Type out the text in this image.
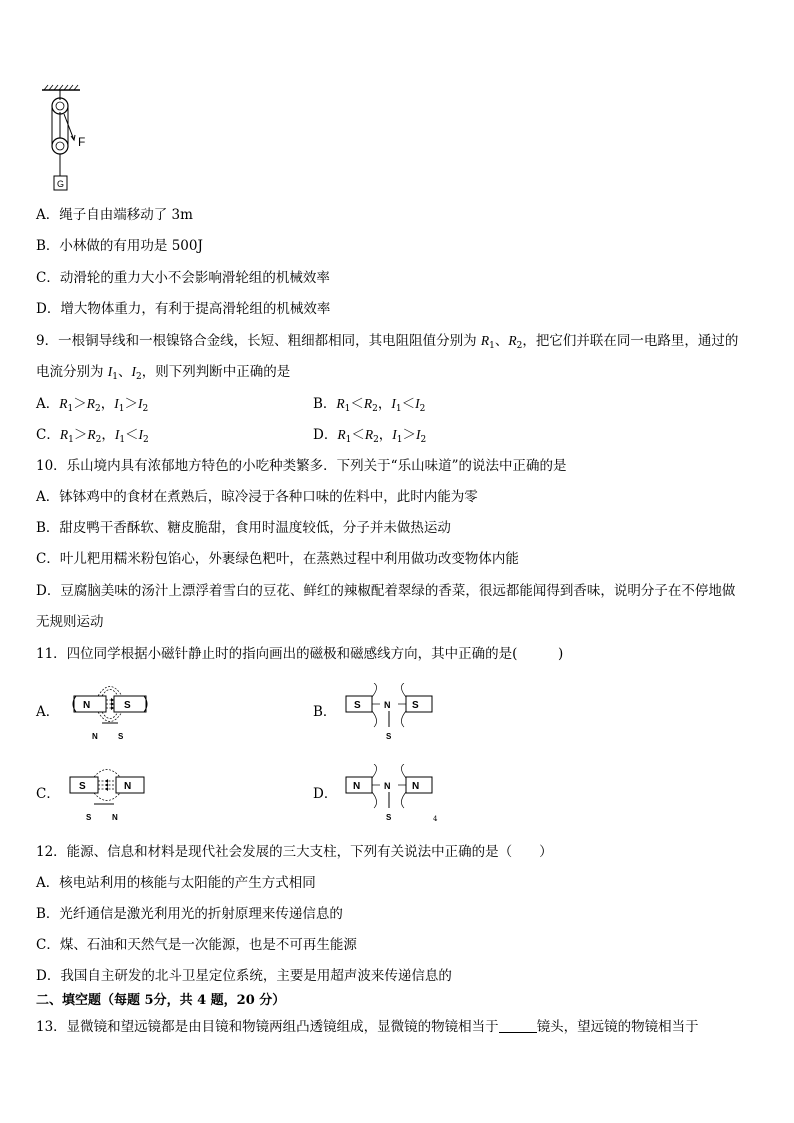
F
G
A．绳子自由端移动了 3m
B．小林做的有用功是 500J
C．动滑轮的重力大小不会影响滑轮组的机械效率
D．增大物体重力，有利于提高滑轮组的机械效率
9．一根铜导线和一根镍铬合金线，长短、粗细都相同，其电阻阻值分别为 $R_1$、$R_2$，把它们并联在同一电路里，通过的
电流分别为 $I_1$、$I_2$，则下列判断中正确的是
A．$R_1>R_2$，$I_1>I_2$	B．$R_1<R_2$，$I_1<I_2$
C．$R_1>R_2$，$I_1<I_2$	D．$R_1<R_2$，$I_1>I_2$
10．乐山境内具有浓郁地方特色的小吃种类繁多．下列关于“乐山味道”的说法中正确的是
A．钵钵鸡中的食材在煮熟后，晾冷浸于各种口味的佐料中，此时内能为零
B．甜皮鸭干香酥软、糖皮脆甜，食用时温度较低，分子并未做热运动
C．叶儿粑用糯米粉包馅心，外裹绿色粑叶，在蒸熟过程中利用做功改变物体内能
D．豆腐脑美味的汤汁上漂浮着雪白的豆花、鲜红的辣椒配着翠绿的香菜，很远都能闻得到香味，说明分子在不停地做
无规则运动
11．四位同学根据小磁针静止时的指向画出的磁极和磁感线方向，其中正确的是(　　　)
A． N	S
N	S
B． S	S
N
S
C． S	N
S	N
D． N	N
N
S	4
12．能源、信息和材料是现代社会发展的三大支柱，下列有关说法中正确的是（　　）
A．核电站利用的核能与太阳能的产生方式相同
B．光纤通信是激光利用光的折射原理来传递信息的
C．煤、石油和天然气是一次能源，也是不可再生能源
D．我国自主研发的北斗卫星定位系统，主要是用超声波来传递信息的
二、填空题（每题 5分，共 4 题，20 分）
13．显微镜和望远镜都是由目镜和物镜两组凸透镜组成，显微镜的物镜相当于	镜头，望远镜的物镜相当于
